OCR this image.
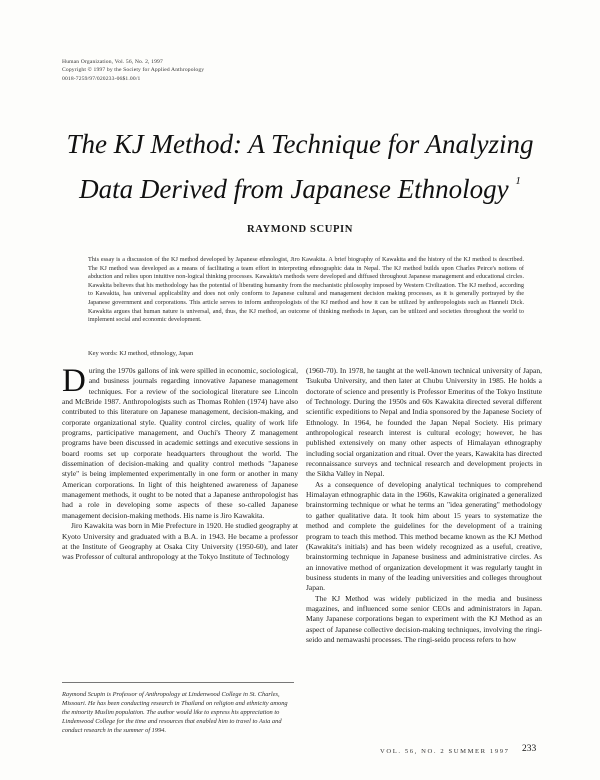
Human Organization, Vol. 56, No. 2, 1997
Copyright © 1997 by the Society for Applied Anthropology
0018-7259/97/020233-06$1.00/1
The KJ Method: A Technique for Analyzing
Data Derived from Japanese Ethnology $^1$
RAYMOND SCUPIN
This essay is a discussion of the KJ method developed by Japanese ethnologist, Jiro Kawakita. A brief biography of Kawakita and the history of the KJ method is described. The KJ method was developed as a means of facilitating a team effort in interpreting ethnographic data in Nepal. The KJ method builds upon Charles Peirce's notions of abduction and relies upon intuitive non-logical thinking processes. Kawakita's methods were developed and diffused throughout Japanese management and educational circles. Kawakita believes that his methodology has the potential of liberating humanity from the mechanistic philosophy imposed by Western Civilization. The KJ method, according to Kawakita, has universal applicability and does not only conform to Japanese cultural and management decision making processes, as it is generally portrayed by the Japanese government and corporations. This article serves to inform anthropologists of the KJ method and how it can be utilized by anthropologists such as Hanneli Dick. Kawakita argues that human nature is universal, and, thus, the KJ method, an outcome of thinking methods in Japan, can be utilized and societies throughout the world to implement social and economic development.
Key words: KJ method, ethnology, Japan

During the 1970s gallons of ink were spilled in economic, sociological, and business journals regarding innovative Japanese management techniques. For a review of the sociological literature see Lincoln and McBride 1987. Anthropologists such as Thomas Rohlen (1974) have also contributed to this literature on Japanese management, decision-making, and corporate organizational style. Quality control circles, quality of work life programs, participative management, and Ouchi's Theory Z management programs have been discussed in academic settings and executive sessions in board rooms set up corporate headquarters throughout the world. The dissemination of decision-making and quality control methods "Japanese style" is being implemented experimentally in one form or another in many American corporations. In light of this heightened awareness of Japanese management methods, it ought to be noted that a Japanese anthropologist has had a role in developing some aspects of these so-called Japanese management decision-making methods. His name is Jiro Kawakita.

Jiro Kawakita was born in Mie Prefecture in 1920. He studied geography at Kyoto University and graduated with a B.A. in 1943. He became a professor at the Institute of Geography at Osaka City University (1950-60), and later was Professor of cultural anthropology at the Tokyo Institute of Technology

(1960-70). In 1978, he taught at the well-known technical university of Japan, Tsukuba University, and then later at Chubu University in 1985. He holds a doctorate of science and presently is Professor Emeritus of the Tokyo Institute of Technology. During the 1950s and 60s Kawakita directed several different scientific expeditions to Nepal and India sponsored by the Japanese Society of Ethnology. In 1964, he founded the Japan Nepal Society. His primary anthropological research interest is cultural ecology; however, he has published extensively on many other aspects of Himalayan ethnography including social organization and ritual. Over the years, Kawakita has directed reconnaissance surveys and technical research and development projects in the Sikha Valley in Nepal.

As a consequence of developing analytical techniques to comprehend Himalayan ethnographic data in the 1960s, Kawakita originated a generalized brainstorming technique or what he terms an "idea generating" methodology to gather qualitative data. It took him about 15 years to systematize the method and complete the guidelines for the development of a training program to teach this method. This method became known as the KJ Method (Kawakita's initials) and has been widely recognized as a useful, creative, brainstorming technique in Japanese business and administrative circles. As an innovative method of organization development it was regularly taught in business students in many of the leading universities and colleges throughout Japan.

The KJ Method was widely publicized in the media and business magazines, and influenced some senior CEOs and administrators in Japan. Many Japanese corporations began to experiment with the KJ Method as an aspect of Japanese collective decision-making techniques, involving the ringi-seido and nemawashi processes. The ringi-seido process refers to how

Raymond Scupin is Professor of Anthropology at Lindenwood College in St. Charles, Missouri. He has been conducting research in Thailand on religion and ethnicity among the minority Muslim population. The author would like to express his appreciation to Lindenwood College for the time and resources that enabled him to travel to Asia and conduct research in the summer of 1994.
VOL. 56, NO. 2 SUMMER 1997 233
